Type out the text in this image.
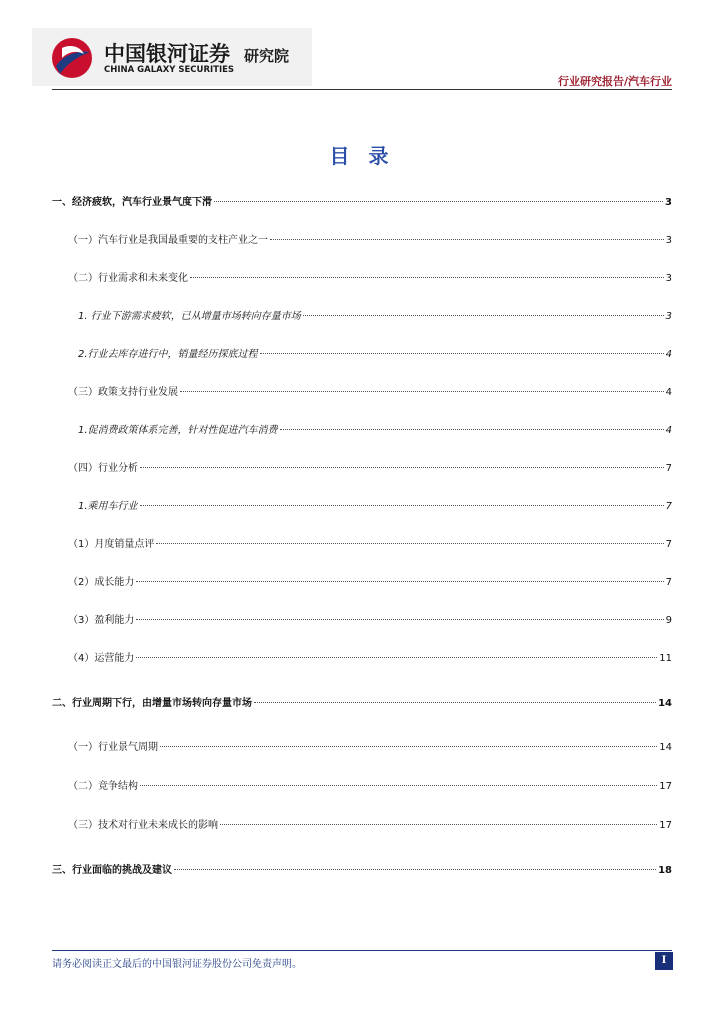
中国银河证券
CHINA GALAXY SECURITIES
研究院
行业研究报告/汽车行业
目 录
一、经济疲软，汽车行业景气度下滑	3
（一）汽车行业是我国最重要的支柱产业之一	3
（二）行业需求和未来变化	3
1. 行业下游需求疲软，已从增量市场转向存量市场	3
2.行业去库存进行中，销量经历探底过程	4
（三）政策支持行业发展	4
1.促消费政策体系完善，针对性促进汽车消费	4
（四）行业分析	7
1.乘用车行业	7
（1）月度销量点评	7
（2）成长能力	7
（3）盈利能力	9
（4）运营能力	11
二、行业周期下行，由增量市场转向存量市场	14
（一）行业景气周期	14
（二）竞争结构	17
（三）技术对行业未来成长的影响	17
三、行业面临的挑战及建议	18
请务必阅读正文最后的中国银河证券股份公司免责声明。	I
